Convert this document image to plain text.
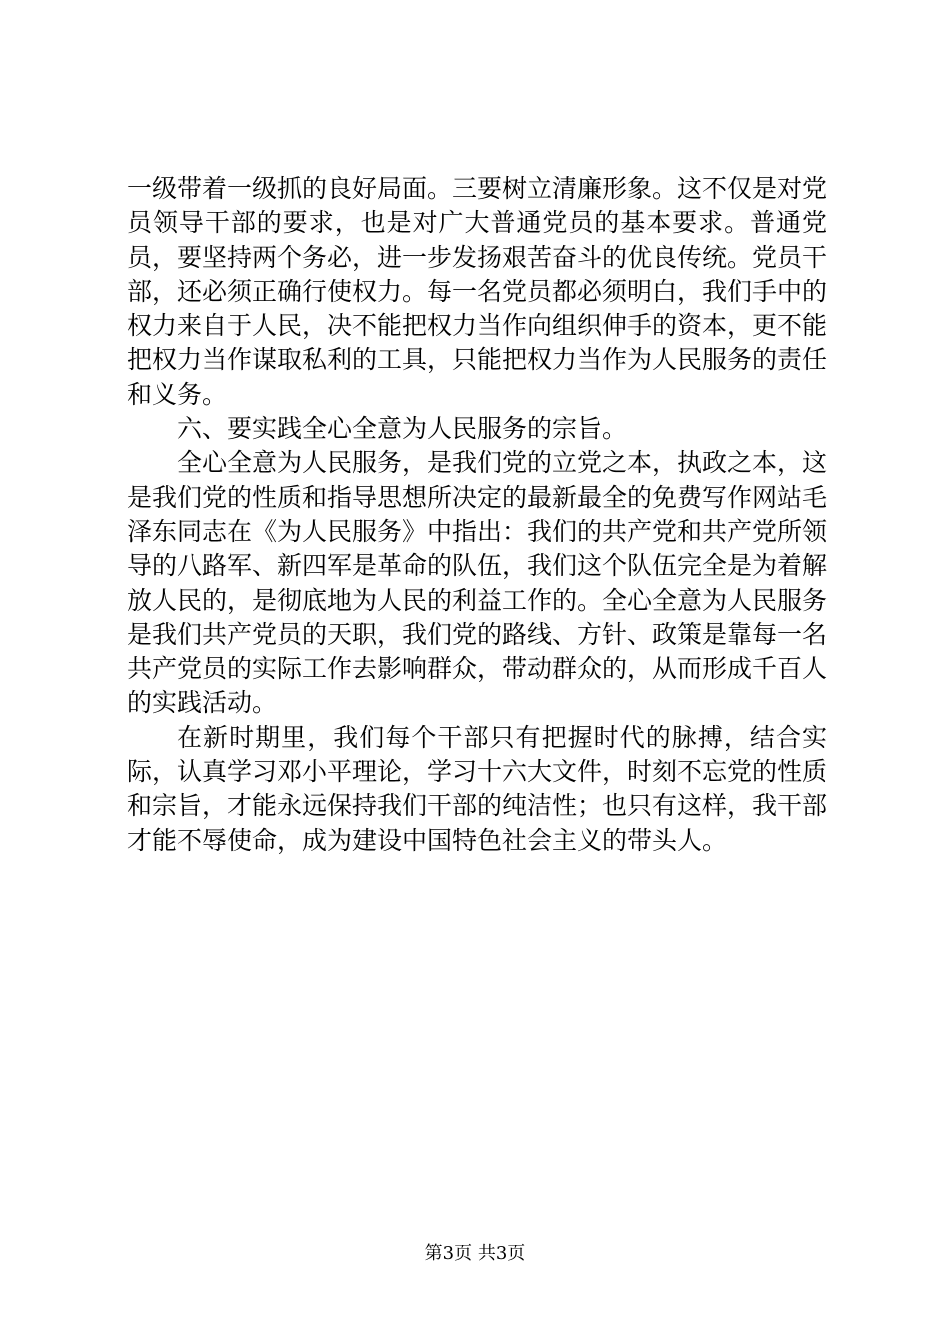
一级带着一级抓的良好局面。三要树立清廉形象。这不仅是对党员领导干部的要求，也是对广大普通党员的基本要求。普通党员，要坚持两个务必，进一步发扬艰苦奋斗的优良传统。党员干部，还必须正确行使权力。每一名党员都必须明白，我们手中的权力来自于人民，决不能把权力当作向组织伸手的资本，更不能把权力当作谋取私利的工具，只能把权力当作为人民服务的责任和义务。

六、要实践全心全意为人民服务的宗旨。

全心全意为人民服务，是我们党的立党之本，执政之本，这是我们党的性质和指导思想所决定的最新最全的免费写作网站毛泽东同志在《为人民服务》中指出：我们的共产党和共产党所领导的八路军、新四军是革命的队伍，我们这个队伍完全是为着解放人民的，是彻底地为人民的利益工作的。全心全意为人民服务是我们共产党员的天职，我们党的路线、方针、政策是靠每一名共产党员的实际工作去影响群众，带动群众的，从而形成千百人的实践活动。

在新时期里，我们每个干部只有把握时代的脉搏，结合实际，认真学习邓小平理论，学习十六大文件，时刻不忘党的性质和宗旨，才能永远保持我们干部的纯洁性；也只有这样，我干部才能不辱使命，成为建设中国特色社会主义的带头人。

第3页 共3页
